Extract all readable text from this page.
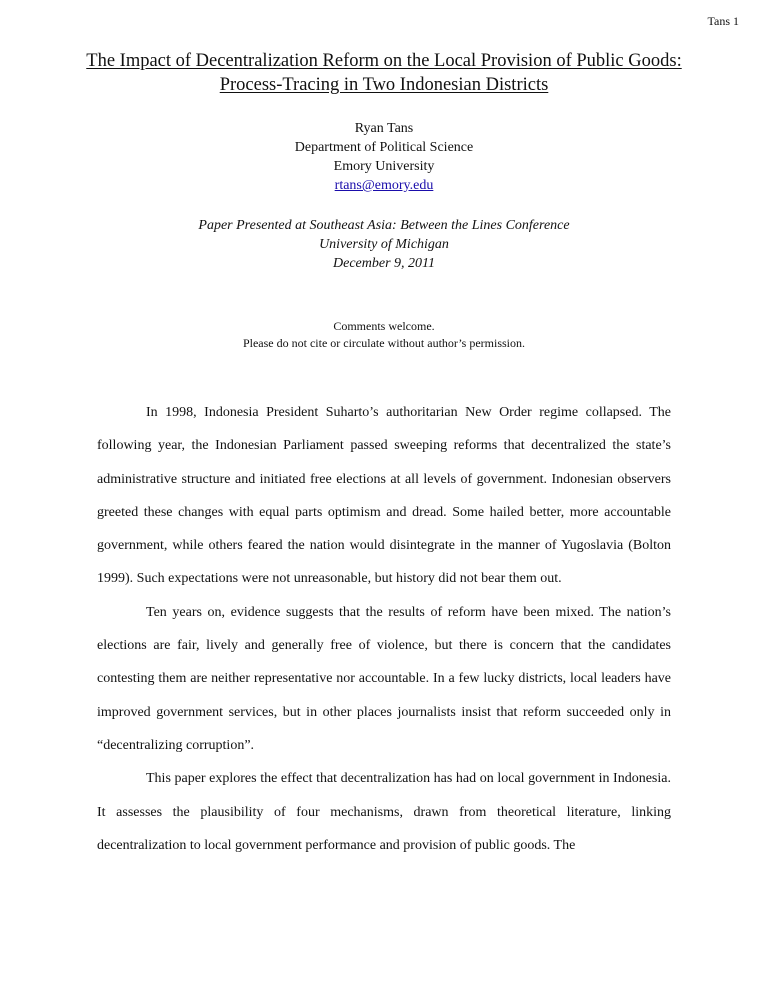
Tans 1
The Impact of Decentralization Reform on the Local Provision of Public Goods:
Process-Tracing in Two Indonesian Districts
Ryan Tans
Department of Political Science
Emory University
rtans@emory.edu
Paper Presented at Southeast Asia: Between the Lines Conference
University of Michigan
December 9, 2011
Comments welcome.
Please do not cite or circulate without author’s permission.

In 1998, Indonesia President Suharto’s authoritarian New Order regime collapsed. The following year, the Indonesian Parliament passed sweeping reforms that decentralized the state’s administrative structure and initiated free elections at all levels of government. Indonesian observers greeted these changes with equal parts optimism and dread. Some hailed better, more accountable government, while others feared the nation would disintegrate in the manner of Yugoslavia (Bolton 1999). Such expectations were not unreasonable, but history did not bear them out.

Ten years on, evidence suggests that the results of reform have been mixed. The nation’s elections are fair, lively and generally free of violence, but there is concern that the candidates contesting them are neither representative nor accountable. In a few lucky districts, local leaders have improved government services, but in other places journalists insist that reform succeeded only in “decentralizing corruption”.

This paper explores the effect that decentralization has had on local government in Indonesia. It assesses the plausibility of four mechanisms, drawn from theoretical literature, linking decentralization to local government performance and provision of public goods. The
